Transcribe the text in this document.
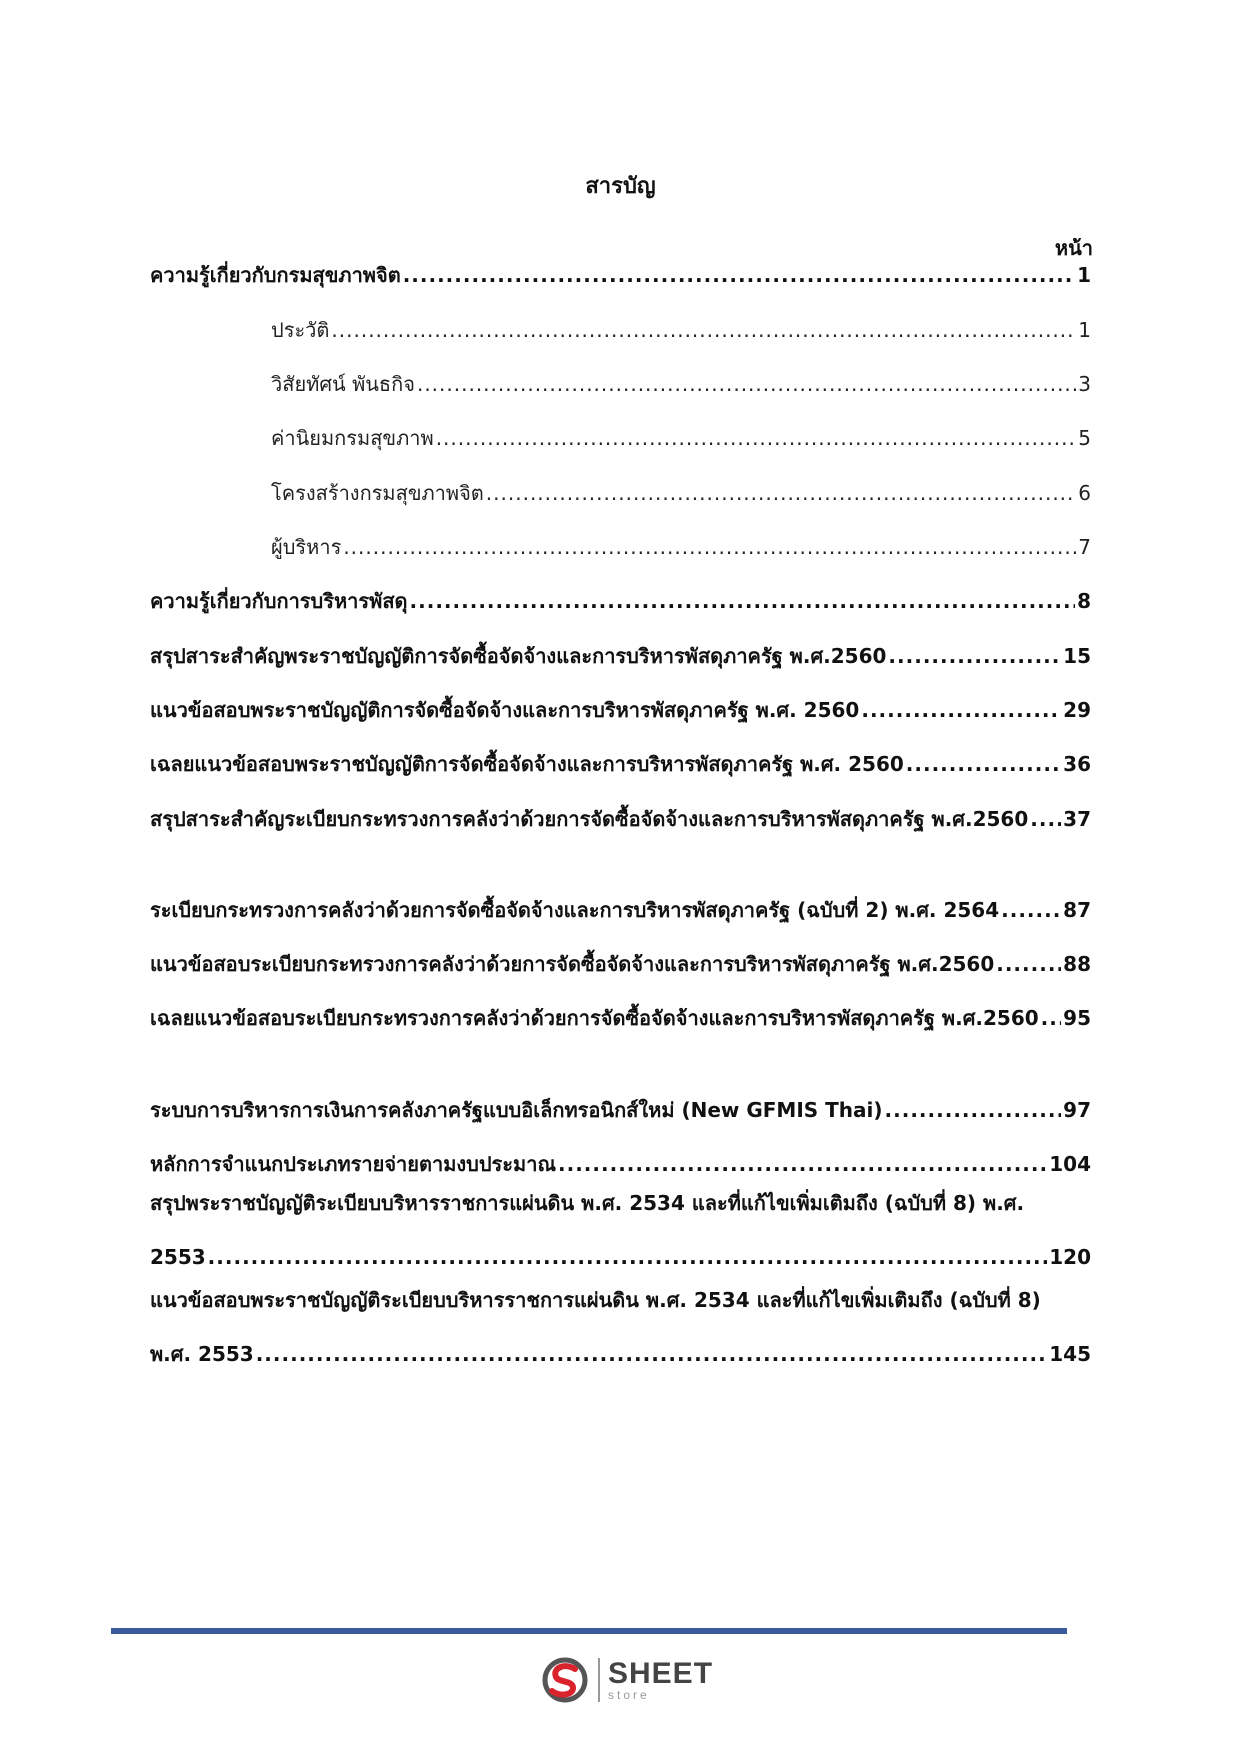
สารบัญ
หน้า
ความรู้เกี่ยวกับกรมสุขภาพจิต .....	1
ประวัติ .....	1
วิสัยทัศน์ พันธกิจ .....	3
ค่านิยมกรมสุขภาพ .....	5
โครงสร้างกรมสุขภาพจิต .....	6
ผู้บริหาร .....	7
ความรู้เกี่ยวกับการบริหารพัสดุ .....	8
สรุปสาระสำคัญพระราชบัญญัติการจัดซื้อจัดจ้างและการบริหารพัสดุภาครัฐ พ.ศ.2560 .....	15
แนวข้อสอบพระราชบัญญัติการจัดซื้อจัดจ้างและการบริหารพัสดุภาครัฐ พ.ศ. 2560 .....	29
เฉลยแนวข้อสอบพระราชบัญญัติการจัดซื้อจัดจ้างและการบริหารพัสดุภาครัฐ พ.ศ. 2560 .....	36
สรุปสาระสำคัญระเบียบกระทรวงการคลังว่าด้วยการจัดซื้อจัดจ้างและการบริหารพัสดุภาครัฐ พ.ศ.2560 ..... 37
ระเบียบกระทรวงการคลังว่าด้วยการจัดซื้อจัดจ้างและการบริหารพัสดุภาครัฐ (ฉบับที่ 2) พ.ศ. 2564 .....	87
แนวข้อสอบระเบียบกระทรวงการคลังว่าด้วยการจัดซื้อจัดจ้างและการบริหารพัสดุภาครัฐ พ.ศ.2560 .....	88
เฉลยแนวข้อสอบระเบียบกระทรวงการคลังว่าด้วยการจัดซื้อจัดจ้างและการบริหารพัสดุภาครัฐ พ.ศ.2560 ..... 95
ระบบการบริหารการเงินการคลังภาครัฐแบบอิเล็กทรอนิกส์ใหม่ (New GFMIS Thai) .....	97
หลักการจำแนกประเภทรายจ่ายตามงบประมาณ .....	104
สรุปพระราชบัญญัติระเบียบบริหารราชการแผ่นดิน พ.ศ. 2534 และที่แก้ไขเพิ่มเติมถึง (ฉบับที่ 8) พ.ศ.
2553 .....	120
แนวข้อสอบพระราชบัญญัติระเบียบบริหารราชการแผ่นดิน พ.ศ. 2534 และที่แก้ไขเพิ่มเติมถึง (ฉบับที่ 8)
พ.ศ. 2553 .....	145
SHEET
store
